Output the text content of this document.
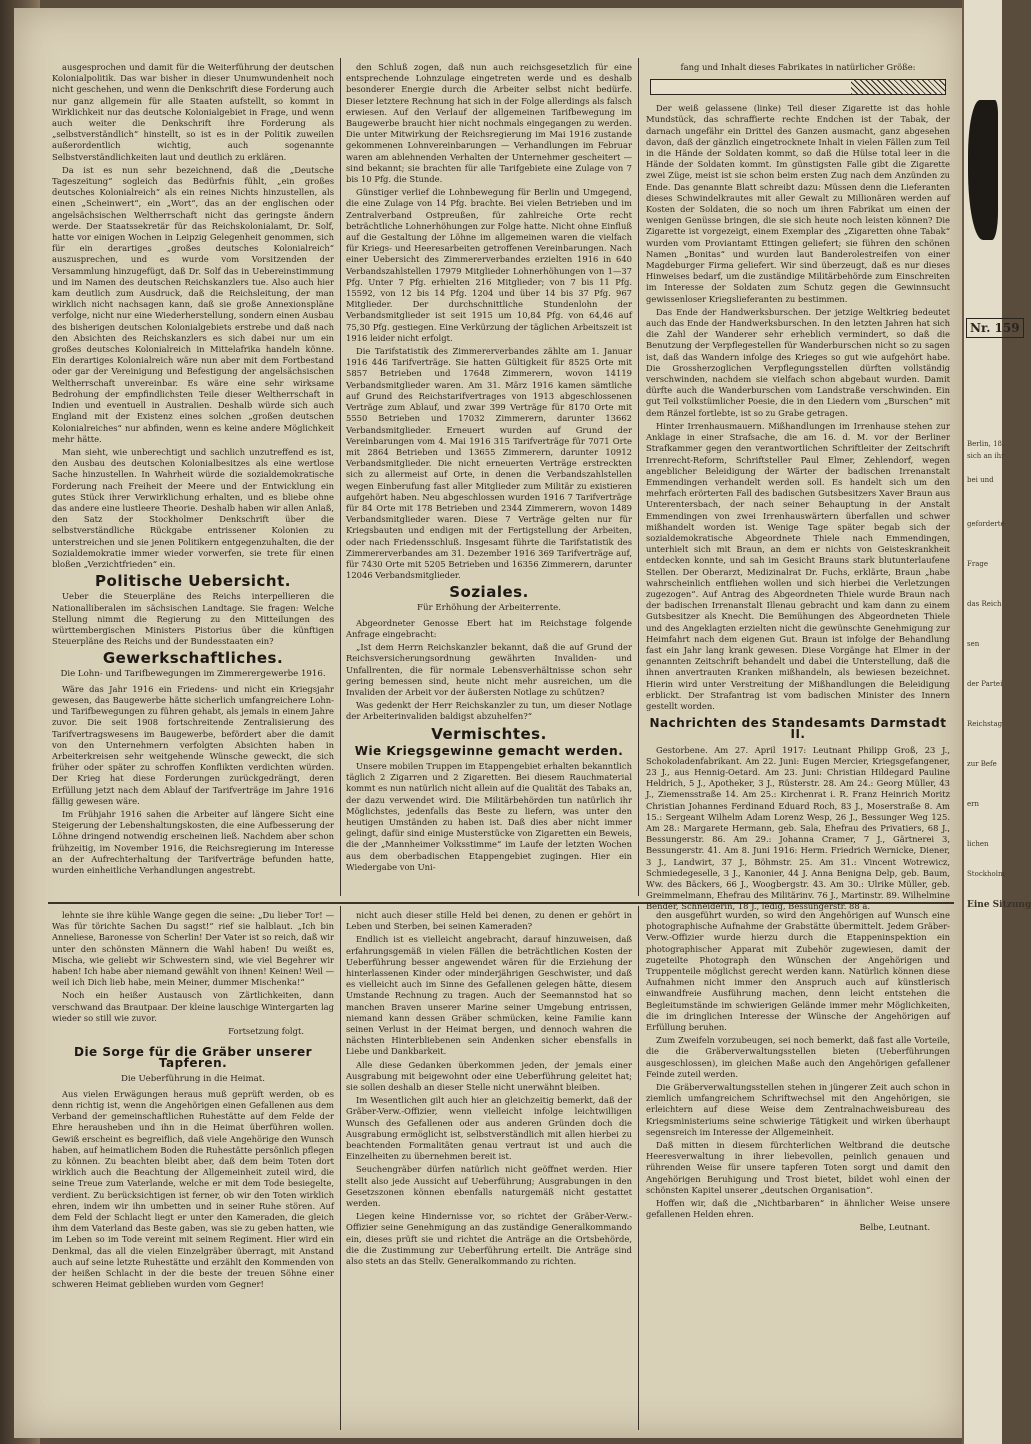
ausgesprochen und damit für die Weiterführung der deutschen Kolonialpolitik. Das war bisher in dieser Unumwundenheit noch nicht geschehen, und wenn die Denkschrift diese Forderung auch nur ganz allgemein für alle Staaten aufstellt, so kommt in Wirklichkeit nur das deutsche Kolonialgebiet in Frage, und wenn auch weiter die Denkschrift ihre Forderung als „selbstverständlich“ hinstellt, so ist es in der Politik zuweilen außerordentlich wichtig, auch sogenannte Selbstverständlichkeiten laut und deutlich zu erklären.

Da ist es nun sehr bezeichnend, daß die „Deutsche Tageszeitung“ sogleich das Bedürfnis fühlt, „ein großes deutsches Kolonialreich“ als ein reines Nichts hinzustellen, als einen „Scheinwert“, ein „Wort“, das an der englischen oder angelsächsischen Weltherrschaft nicht das geringste ändern werde. Der Staatssekretär für das Reichskolonialamt, Dr. Solf, hatte vor einigen Wochen in Leipzig Gelegenheit genommen, sich für ein derartiges „großes deutsches Kolonialreich“ auszusprechen, und es wurde vom Vorsitzenden der Versammlung hinzugefügt, daß Dr. Solf das in Uebereinstimmung und im Namen des deutschen Reichskanzlers tue. Also auch hier kam deutlich zum Ausdruck, daß die Reichsleitung, der man wirklich nicht nachsagen kann, daß sie große Annexionspläne verfolge, nicht nur eine Wiederherstellung, sondern einen Ausbau des bisherigen deutschen Kolonialgebiets erstrebe und daß nach den Absichten des Reichskanzlers es sich dabei nur um ein großes deutsches Kolonialreich in Mittelafrika handeln könne. Ein derartiges Kolonialreich wäre nun aber mit dem Fortbestand oder gar der Vereinigung und Befestigung der angelsächsischen Weltherrschaft unvereinbar. Es wäre eine sehr wirksame Bedrohung der empfindlichsten Teile dieser Weltherrschaft in Indien und eventuell in Australien. Deshalb würde sich auch England mit der Existenz eines solchen „großen deutschen Kolonialreiches“ nur abfinden, wenn es keine andere Möglichkeit mehr hätte.

Man sieht, wie unberechtigt und sachlich unzutreffend es ist, den Ausbau des deutschen Kolonialbesitzes als eine wertlose Sache hinzustellen. In Wahrheit würde die sozialdemokratische Forderung nach Freiheit der Meere und der Entwicklung ein gutes Stück ihrer Verwirklichung erhalten, und es bliebe ohne das andere eine lustleere Theorie. Deshalb haben wir allen Anlaß, den Satz der Stockholmer Denkschrift über die selbstverständliche Rückgabe entrissener Kolonien zu unterstreichen und sie jenen Politikern entgegenzuhalten, die der Sozialdemokratie immer wieder vorwerfen, sie trete für einen bloßen „Verzichtfrieden“ ein.

Politische Uebersicht.

Ueber die Steuerpläne des Reichs interpellieren die Nationalliberalen im sächsischen Landtage. Sie fragen: Welche Stellung nimmt die Regierung zu den Mitteilungen des württembergischen Ministers Pistorius über die künftigen Steuerpläne des Reichs und der Bundesstaaten ein?

Gewerkschaftliches.
Die Lohn- und Tarifbewegungen im Zimmerergewerbe 1916.

Wäre das Jahr 1916 ein Friedens- und nicht ein Kriegsjahr gewesen, das Baugewerbe hätte sicherlich umfangreichere Lohn- und Tarifbewegungen zu führen gehabt, als jemals in einem Jahre zuvor. Die seit 1908 fortschreitende Zentralisierung des Tarifvertragswesens im Baugewerbe, befördert aber die damit von den Unternehmern verfolgten Absichten haben in Arbeiterkreisen sehr weitgehende Wünsche geweckt, die sich früher oder später zu schroffen Konflikten verdichten würden. Der Krieg hat diese Forderungen zurückgedrängt, deren Erfüllung jetzt nach dem Ablauf der Tarifverträge im Jahre 1916 fällig gewesen wäre.

Im Frühjahr 1916 sahen die Arbeiter auf längere Sicht eine Steigerung der Lebenshaltungskosten, die eine Aufbesserung der Löhne dringend notwendig erscheinen ließ. Nachdem aber schon frühzeitig, im November 1916, die Reichsregierung im Interesse an der Aufrechterhaltung der Tarifverträge befunden hatte, wurden einheitliche Verhandlungen angestrebt.

den Schluß zogen, daß nun auch reichsgesetzlich für eine entsprechende Lohnzulage eingetreten werde und es deshalb besonderer Energie durch die Arbeiter selbst nicht bedürfe. Dieser letztere Rechnung hat sich in der Folge allerdings als falsch erwiesen. Auf den Verlauf der allgemeinen Tarifbewegung im Baugewerbe braucht hier nicht nochmals eingegangen zu werden. Die unter Mitwirkung der Reichsregierung im Mai 1916 zustande gekommenen Lohnvereinbarungen — Verhandlungen im Februar waren am ablehnenden Verhalten der Unternehmer gescheitert — sind bekannt; sie brachten für alle Tarifgebiete eine Zulage von 7 bis 10 Pfg. die Stunde.

Günstiger verlief die Lohnbewegung für Berlin und Umgegend, die eine Zulage von 14 Pfg. brachte. Bei vielen Betrieben und im Zentralverband Ostpreußen, für zahlreiche Orte recht beträchtliche Lohnerhöhungen zur Folge hatte. Nicht ohne Einfluß auf die Gestaltung der Löhne im allgemeinen waren die vielfach für Kriegs- und Heeresarbeiten getroffenen Vereinbarungen. Nach einer Uebersicht des Zimmererverbandes erzielten 1916 in 640 Verbandszahlstellen 17979 Mitglieder Lohnerhöhungen von 1—37 Pfg. Unter 7 Pfg. erhielten 216 Mitglieder; von 7 bis 11 Pfg. 15592, von 12 bis 14 Pfg. 1204 und über 14 bis 37 Pfg. 967 Mitglieder. Der durchschnittliche Stundenlohn der Verbandsmitglieder ist seit 1915 um 10,84 Pfg. von 64,46 auf 75,30 Pfg. gestiegen. Eine Verkürzung der täglichen Arbeitszeit ist 1916 leider nicht erfolgt.

Die Tarifstatistik des Zimmererverbandes zählte am 1. Januar 1916 446 Tarifverträge. Sie hatten Gültigkeit für 8525 Orte mit 5857 Betrieben und 17648 Zimmerern, wovon 14119 Verbandsmitglieder waren. Am 31. März 1916 kamen sämtliche auf Grund des Reichstarifvertrages von 1913 abgeschlossenen Verträge zum Ablauf, und zwar 399 Verträge für 8170 Orte mit 5550 Betrieben und 17032 Zimmerern, darunter 13662 Verbandsmitglieder. Erneuert wurden auf Grund der Vereinbarungen vom 4. Mai 1916 315 Tarifverträge für 7071 Orte mit 2864 Betrieben und 13655 Zimmerern, darunter 10912 Verbandsmitglieder. Die nicht erneuerten Verträge erstreckten sich zu allermeist auf Orte, in denen die Verbandszahlstellen wegen Einberufung fast aller Mitglieder zum Militär zu existieren aufgehört haben. Neu abgeschlossen wurden 1916 7 Tarifverträge für 84 Orte mit 178 Betrieben und 2344 Zimmerern, wovon 1489 Verbandsmitglieder waren. Diese 7 Verträge gelten nur für Kriegsbauten und endigen mit der Fertigstellung der Arbeiten, oder nach Friedensschluß. Insgesamt führte die Tarifstatistik des Zimmererverbandes am 31. Dezember 1916 369 Tarifverträge auf, für 7430 Orte mit 5205 Betrieben und 16356 Zimmerern, darunter 12046 Verbandsmitglieder.

Soziales.
Für Erhöhung der Arbeiterrente.

Abgeordneter Genosse Ebert hat im Reichstage folgende Anfrage eingebracht:

„Ist dem Herrn Reichskanzler bekannt, daß die auf Grund der Reichsversicherungsordnung gewährten Invaliden- und Unfallrenten, die für normale Lebensverhältnisse schon sehr gering bemessen sind, heute nicht mehr ausreichen, um die Invaliden der Arbeit vor der äußersten Notlage zu schützen?

Was gedenkt der Herr Reichskanzler zu tun, um dieser Notlage der Arbeiterinvaliden baldigst abzuhelfen?“

Vermischtes.
Wie Kriegsgewinne gemacht werden.

Unsere mobilen Truppen im Etappengebiet erhalten bekanntlich täglich 2 Zigarren und 2 Zigaretten. Bei diesem Rauchmaterial kommt es nun natürlich nicht allein auf die Qualität des Tabaks an, der dazu verwendet wird. Die Militärbehörden tun natürlich ihr Möglichstes, jedenfalls das Beste zu liefern, was unter den heutigen Umständen zu haben ist. Daß dies aber nicht immer gelingt, dafür sind einige Musterstücke von Zigaretten ein Beweis, die der „Mannheimer Volksstimme“ im Laufe der letzten Wochen aus dem oberbadischen Etappengebiet zugingen. Hier ein Wiedergabe von Uni-

fang und Inhalt dieses Fabrikates in natürlicher Größe:

Der weiß gelassene (linke) Teil dieser Zigarette ist das hohle Mundstück, das schraffierte rechte Endchen ist der Tabak, der darnach ungefähr ein Drittel des Ganzen ausmacht, ganz abgesehen davon, daß der gänzlich eingetrocknete Inhalt in vielen Fällen zum Teil in die Hände der Soldaten kommt, so daß die Hülse total leer in die Hände der Soldaten kommt. Im günstigsten Falle gibt die Zigarette zwei Züge, meist ist sie schon beim ersten Zug nach dem Anzünden zu Ende. Das genannte Blatt schreibt dazu: Müssen denn die Lieferanten dieses Schwindelkrautes mit aller Gewalt zu Millionären werden auf Kosten der Soldaten, die so noch um ihren Fabrikat um einen der wenigen Genüsse bringen, die sie sich heute noch leisten können? Die Zigarette ist vorgezeigt, einem Exemplar des „Zigaretten ohne Tabak“ wurden vom Proviantamt Ettingen geliefert; sie führen den schönen Namen „Bonitas“ und wurden laut Banderolestreifen von einer Magdeburger Firma geliefert. Wir sind überzeugt, daß es nur dieses Hinweises bedarf, um die zuständige Militärbehörde zum Einschreiten im Interesse der Soldaten zum Schutz gegen die Gewinnsucht gewissenloser Kriegslieferanten zu bestimmen.

Das Ende der Handwerksburschen. Der jetzige Weltkrieg bedeutet auch das Ende der Handwerksburschen. In den letzten Jahren hat sich die Zahl der Wanderer sehr erheblich vermindert, so daß die Benutzung der Verpflegestellen für Wanderburschen nicht so zu sagen ist, daß das Wandern infolge des Krieges so gut wie aufgehört habe. Die Grossherzoglichen Verpflegungsstellen dürften vollständig verschwinden, nachdem sie vielfach schon abgebaut wurden. Damit dürfte auch die Wanderburschen vom Landstraße verschwinden. Ein gut Teil volkstümlicher Poesie, die in den Liedern vom „Burschen“ mit dem Ränzel fortlebte, ist so zu Grabe getragen.

Hinter Irrenhausmauern. Mißhandlungen im Irrenhause stehen zur Anklage in einer Strafsache, die am 16. d. M. vor der Berliner Strafkammer gegen den verantwortlichen Schriftleiter der Zeitschrift Irrenrecht-Reform, Schriftsteller Paul Elmer, Zehlendorf, wegen angeblicher Beleidigung der Wärter der badischen Irrenanstalt Emmendingen verhandelt werden soll. Es handelt sich um den mehrfach erörterten Fall des badischen Gutsbesitzers Xaver Braun aus Unterentersbach, der nach seiner Behauptung in der Anstalt Emmendingen von zwei Irrenhauswärtern überfallen und schwer mißhandelt worden ist. Wenige Tage später begab sich der sozialdemokratische Abgeordnete Thiele nach Emmendingen, unterhielt sich mit Braun, an dem er nichts von Geisteskrankheit entdecken konnte, und sah im Gesicht Brauns stark blutunterlaufene Stellen. Der Oberarzt, Medizinalrat Dr. Fuchs, erklärte, Braun „habe wahrscheinlich entfliehen wollen und sich hierbei die Verletzungen zugezogen“. Auf Antrag des Abgeordneten Thiele wurde Braun nach der badischen Irrenanstalt Illenau gebracht und kam dann zu einem Gutsbesitzer als Knecht. Die Bemühungen des Abgeordneten Thiele und des Angeklagten erzielten nicht die gewünschte Genehmigung zur Heimfahrt nach dem eigenen Gut. Braun ist infolge der Behandlung fast ein Jahr lang krank gewesen. Diese Vorgänge hat Elmer in der genannten Zeitschrift behandelt und dabei die Unterstellung, daß die ihnen anvertrauten Kranken mißhandeln, als bewiesen bezeichnet. Hierin wird unter Verstreitung der Mißhandlungen die Beleidigung erblickt. Der Strafantrag ist vom badischen Minister des Innern gestellt worden.

Nachrichten des Standesamts Darmstadt II.

Gestorbene. Am 27. April 1917: Leutnant Philipp Groß, 23 J., Schokoladenfabrikant. Am 22. Juni: Eugen Mercier, Kriegsgefangener, 23 J., aus Hennig-Oetard. Am 23. Juni: Christian Hildegard Pauline Heldrich, 5 J., Apotheker, 3 J., Rüsterstr. 28. Am 24.: Georg Müller, 43 J., Ziemensstraße 14. Am 25.: Kirchenrat i. R. Franz Heinrich Moritz Christian Johannes Ferdinand Eduard Roch, 83 J., Moserstraße 8. Am 15.: Sergeant Wilhelm Adam Lorenz Wesp, 26 J., Bessunger Weg 125. Am 28.: Margarete Hermann, geb. Sala, Ehefrau des Privatiers, 68 J., Bessungerstr. 86. Am 29.: Johanna Cramer, 7 J., Gärtnerei 3, Bessungerstr. 41. Am 8. Juni 1916: Herm. Friedrich Wernicke, Diener, 3 J., Landwirt, 37 J., Böhmstr. 25. Am 31.: Vincent Wotrewicz, Schmiedegeselle, 3 J., Kanonier, 44 J. Anna Benigna Delp, geb. Baum, Ww. des Bäckers, 66 J., Woogbergstr. 43. Am 30.: Ulrike Müller, geb. Greimmelmann, Ehefrau des Militärinv. 76 J., Martinstr. 89. Wilhelmine Bender, Schneiderin, 18 J., ledig, Bessungerstr. 88 a.

lehnte sie ihre kühle Wange gegen die seine: „Du lieber Tor! — Was für törichte Sachen Du sagst!“ rief sie halblaut. „Ich bin Anneliese, Baronesse von Scherlin! Der Vater ist so reich, daß wir unter den schönsten Männern die Wahl haben! Du weißt es, Mischa, wie geliebt wir Schwestern sind, wie viel Begehrer wir haben! Ich habe aber niemand gewählt von ihnen! Keinen! Weil — weil ich Dich lieb habe, mein Meiner, dummer Mischenka!“

Noch ein heißer Austausch von Zärtlichkeiten, dann verschwand das Brautpaar. Der kleine lauschige Wintergarten lag wieder so still wie zuvor.

Fortsetzung folgt.
Die Sorge für die Gräber unserer Tapferen.
Die Ueberführung in die Heimat.

Aus vielen Erwägungen heraus muß geprüft werden, ob es denn richtig ist, wenn die Angehörigen einen Gefallenen aus dem Verband der gemeinschaftlichen Ruhestätte auf dem Felde der Ehre herausheben und ihn in die Heimat überführen wollen. Gewiß erscheint es begreiflich, daß viele Angehörige den Wunsch haben, auf heimatlichem Boden die Ruhestätte persönlich pflegen zu können. Zu beachten bleibt aber, daß dem beim Toten dort wirklich auch die Beachtung der Allgemeinheit zuteil wird, die seine Treue zum Vaterlande, welche er mit dem Tode besiegelte, verdient. Zu berücksichtigen ist ferner, ob wir den Toten wirklich ehren, indem wir ihn umbetten und in seiner Ruhe stören. Auf dem Feld der Schlacht liegt er unter den Kameraden, die gleich ihm dem Vaterland das Beste gaben, was sie zu geben hatten, wie im Leben so im Tode vereint mit seinem Regiment. Hier wird ein Denkmal, das all die vielen Einzelgräber überragt, mit Anstand auch auf seine letzte Ruhestätte und erzählt den Kommenden von der heißen Schlacht in der die beste der treuen Söhne einer schweren Heimat geblieben wurden vom Gegner!

nicht auch dieser stille Held bei denen, zu denen er gehört in Leben und Sterben, bei seinen Kameraden?

Endlich ist es vielleicht angebracht, darauf hinzuweisen, daß erfahrungsgemäß in vielen Fällen die beträchtlichen Kosten der Ueberführung besser angewendet wären für die Erziehung der hinterlassenen Kinder oder minderjährigen Geschwister, und daß es vielleicht auch im Sinne des Gefallenen gelegen hätte, diesem Umstande Rechnung zu tragen. Auch der Seemannstod hat so manchen Braven unserer Marine seiner Umgebung entrissen, niemand kann dessen Gräber schmücken, keine Familie kann seinen Verlust in der Heimat bergen, und dennoch wahren die nächsten Hinterbliebenen sein Andenken sicher ebensfalls in Liebe und Dankbarkeit.

Alle diese Gedanken überkommen jeden, der jemals einer Ausgrabung mit beigewohnt oder eine Ueberführung geleitet hat; sie sollen deshalb an dieser Stelle nicht unerwähnt bleiben.

Im Wesentlichen gilt auch hier an gleichzeitig bemerkt, daß der Gräber-Verw.-Offizier, wenn vielleicht infolge leichtwilligen Wunsch des Gefallenen oder aus anderen Gründen doch die Ausgrabung ermöglicht ist, selbstverständlich mit allen hierbei zu beachtenden Formalitäten genau vertraut ist und auch die Einzelheiten zu übernehmen bereit ist.

Seuchengräber dürfen natürlich nicht geöffnet werden. Hier stellt also jede Aussicht auf Ueberführung; Ausgrabungen in den Gesetzszonen können ebenfalls naturgemäß nicht gestattet werden.

Liegen keine Hindernisse vor, so richtet der Gräber-Verw.-Offizier seine Genehmigung an das zuständige Generalkommando ein, dieses prüft sie und richtet die Anträge an die Ortsbehörde, die die Zustimmung zur Ueberführung erteilt. Die Anträge sind also stets an das Stellv. Generalkommando zu richten.

den ausgeführt wurden, so wird den Angehörigen auf Wunsch eine photographische Aufnahme der Grabstätte übermittelt. Jedem Gräber-Verw.-Offizier wurde hierzu durch die Etappeninspektion ein photographischer Apparat mit Zubehör zugewiesen, damit der zugeteilte Photograph den Wünschen der Angehörigen und Truppenteile möglichst gerecht werden kann. Natürlich können diese Aufnahmen nicht immer den Anspruch auch auf künstlerisch einwandfreie Ausführung machen, denn leicht entstehen die Begleitumstände im schwierigen Gelände immer mehr Möglichkeiten, die im dringlichen Interesse der Wünsche der Angehörigen auf Erfüllung beruhen.

Zum Zweifeln vorzubeugen, sei noch bemerkt, daß fast alle Vorteile, die die Gräberverwaltungsstellen bieten (Ueberführungen ausgeschlossen), im gleichen Maße auch den Angehörigen gefallener Feinde zuteil werden.

Die Gräberverwaltungsstellen stehen in jüngerer Zeit auch schon in ziemlich umfangreichem Schriftwechsel mit den Angehörigen, sie erleichtern auf diese Weise dem Zentralnachweisbureau des Kriegsministeriums seine schwierige Tätigkeit und wirken überhaupt segensreich im Interesse der Allgemeinheit.

Daß mitten in diesem fürchterlichen Weltbrand die deutsche Heeresverwaltung in ihrer liebevollen, peinlich genauen und rührenden Weise für unsere tapferen Toten sorgt und damit den Angehörigen Beruhigung und Trost bietet, bildet wohl einen der schönsten Kapitel unserer „deutschen Organisation“.

Hoffen wir, daß die „Nichtbarbaren“ in ähnlicher Weise unsere gefallenen Helden ehren.

Belbe, Leutnant.
Nr. 159
Berlin, 18.
sich an ihr
bei und
geforderte
Frage
das Reich
sen
der Partei
Reichstag
zur Befe
ern
lichen
Stockholm
Eine Sitzung
